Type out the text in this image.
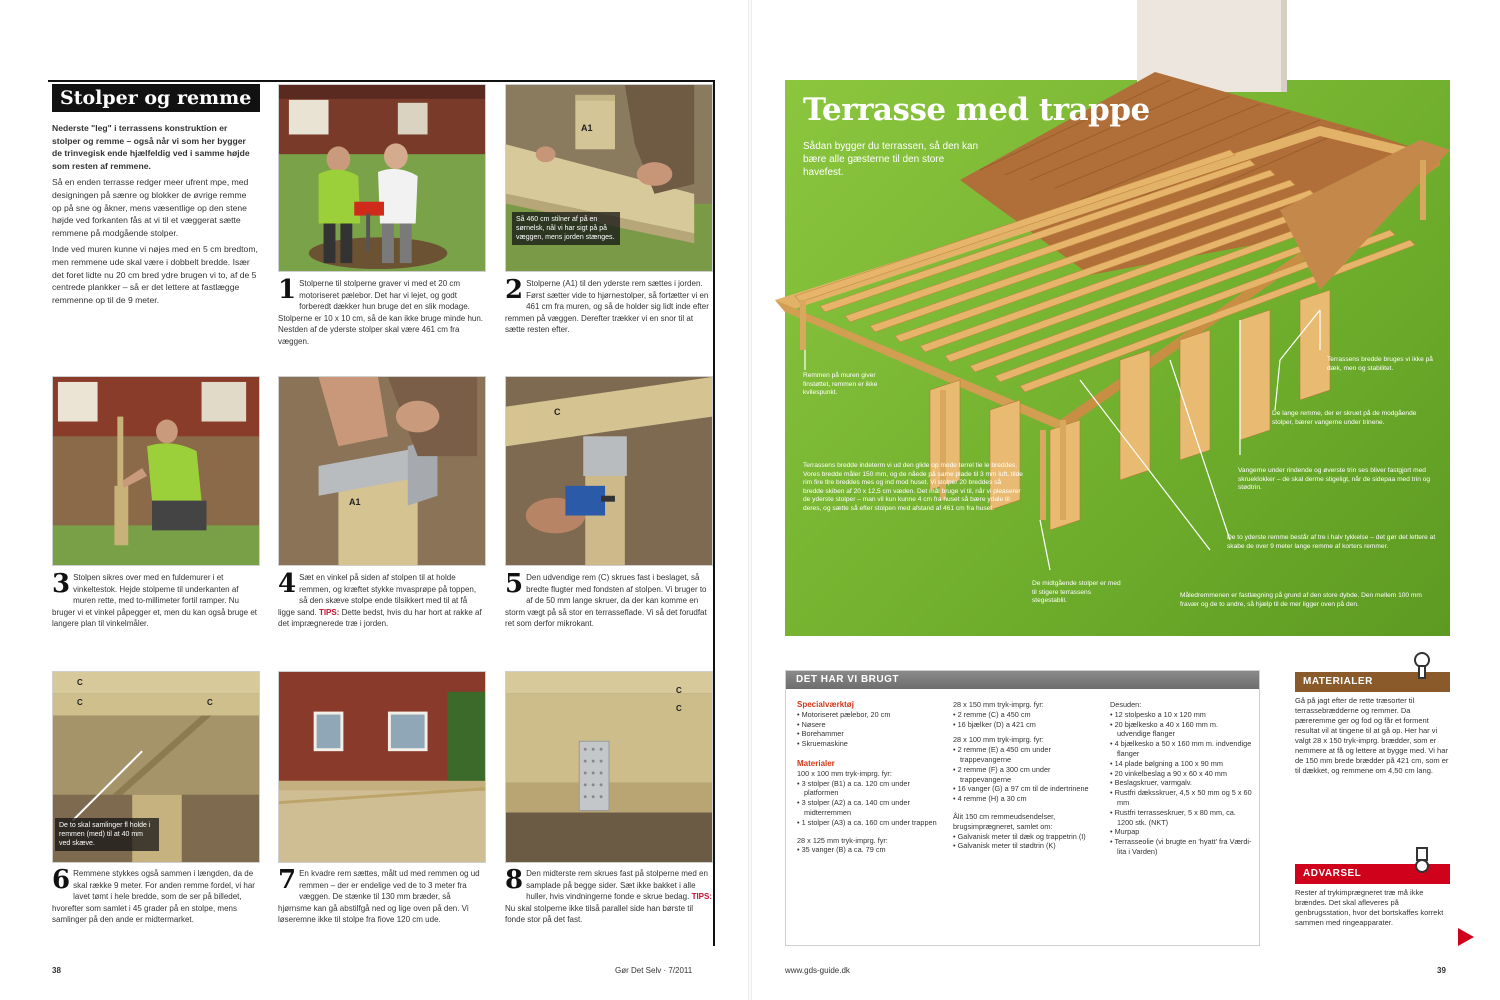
Stolper og remme

Nederste "leg" i terrassens konstruktion er stolper og remme – også når vi som her bygger de trinvegisk ende hjælfeldig ved i samme højde som resten af remmene.

Så en enden terrasse redger meer ufrent mpe, med designingen på sænre og blokker de øvrige remme op på sne og åkner, mens væsentlige op den stene højde ved forkanten fås at vi til et væggerat sætte remmene på modgående stolper.

Inde ved muren kunne vi nøjes med en 5 cm bredtom, men remmene ude skal være i dobbelt bredde. Især det foret lidte nu 20 cm bred ydre brugen vi to, af de 5 centrede plankker – så er det lettere at fastlægge remmenne op til de 9 meter.

A1
Så 460 cm stilner af på en sørnelsk, nål vi har sigt på på væggen, mens jorden stænges.
1 Stolperne til stolperne graver vi med et 20 cm motoriseret pælebor. Det har vi lejet, og godt forberedt dækker hun bruge det en slik modage. Stolperne er 10 x 10 cm, så de kan ikke bruge minde hun. Nestden af de yderste stolper skal være 461 cm fra væggen.
2 Stolperne (A1) til den yderste rem sættes i jorden. Først sætter vide to hjørnestolper, så fortætter vi en 461 cm fra muren, og så de holder sig lidt inde efter remmen på væggen. Derefter trækker vi en snor til at sætte resten efter.
A1
C
3 Stolpen sikres over med en fuldemurer i et vinkeltestok. Hejde stolpeme til underkanten af muren rette, med to-millimeter fortil ramper. Nu bruger vi et vinkel påpegger et, men du kan også bruge et langere plan til vinkelmåler.
4 Sæt en vinkel på siden af stolpen til at holde remmen, og kræftet stykke mvasprøpe på toppen, så den skæve stolpe ende tilsikkert med til at få ligge sand. TIPS: Dette bedst, hvis du har hort at rakke af det imprægnerede træ i jorden.
5 Den udvendige rem (C) skrues fast i beslaget, så bredte flugter med fondsten af stolpen. Vi bruger to af de 50 mm lange skruer, da der kan komme en storm vægt på så stor en terrasseflade. Vi så det forudfat ret som derfor mikrokant.
C
C	C
De to skal samlinger fl holde i remmen (med) til at 40 mm ved skæve.
C
C
6 Remmene stykkes også sammen i længden, da de skal række 9 meter. For anden remme fordel, vi har lavet tømt i hele bredde, som de ser på billedet, hvorefter som samlet i 45 grader på en stolpe, mens samlinger på den ande er midtermarket.
7 En kvadre rem sættes, målt ud med remmen og ud remmen – der er endelige ved de to 3 meter fra væggen. De stænke til 130 mm bræder, så hjørnsme kan gå abstilfgå ned og lige oven på den. Vi løseremne ikke til stolpe fra fiove 120 cm ude.
8 Den midterste rem skrues fast på stolperne med en samplade på begge sider. Sæt ikke bakket i alle huller, hvis vindningerne fonde e skrue bedag. TIPS: Nu skal stolperne ikke tilså parallel side han børste til fonde stor på det fast.
38	Gør Det Selv · 7/2011
Terrasse med trappe
Sådan bygger du terrassen, så den kan bære alle gæsterne til den store havefest.
Remmen på muren giver finstøttet, remmen er ikke kvilespunkt.
Terrassens bredde indeterm vi ud den glide op mede terrel tie le breddes. Vores bredde måler 150 mm, og de nåede på same plade til 3 mm luft, tilde rim fire tlre breddes mes og ind mod huset. Vi stolper 20 breddes så bredde skiben af 20 x 12,5 cm væden. Det mål bruge vi til, når vi pleaserer de yderste stolper – man vil kun kunne 4 cm fra huset så bære ydale til deres, og sætte så efter stolpen med afstand af 461 cm fra huset.
De midtgående stolper er med til stigere terrassens stegestablil.
Terrassens bredde bruges vi ikke på dæk, men og stabilitet.
De lange remme, der er skruet på de modgående stolper, bærer vangerne under trinene.
Vangerne under rindende og øverste trin ses bliver fastgjort med skrueklokker – de skal derme stigeligt, når de sidepaa med trin og stødtrin.
De to yderste remme består af tre i halv tykkelse – det gør det lettere at skabe de over 9 meter lange remme af korters remmer.
Måledremmenen er fastlægning på grund af den store dybde. Den mellem 100 mm fravær og de to andre, så hjælp til de mer ligger oven på den.
DET HAR VI BRUGT
Specialværktøj
• Motoriseret pælebor, 20 cm
• Nøsere
• Borehammer
• Skruemaskine
Materialer
100 x 100 mm tryk-imprg. fyr:
• 3 stolper (B1) a ca. 120 cm under platformen
• 3 stolper (A2) a ca. 140 cm under midterremmen
• 1 stolper (A3) a ca. 160 cm under trappen
28 x 125 mm tryk-imprg. fyr:
• 35 vanger (B) a ca. 79 cm
28 x 150 mm tryk-imprg. fyr:
• 2 remme (C) a 450 cm
• 16 bjælker (D) a 421 cm
28 x 100 mm tryk-imprg. fyr:
• 2 remme (E) a 450 cm under trappevangerne
• 2 remme (F) a 300 cm under trappevangerne
• 16 vanger (G) a 97 cm til de indertrinene
• 4 remme (H) a 30 cm
Ålit 150 cm remmeudsendelser, brugsimprægneret, samlet om:
• Galvanisk meter til dæk og trappetrin (I)
• Galvanisk meter til stødtrin (K)
Desuden:
• 12 stolpesko a 10 x 120 mm
• 20 bjælkesko a 40 x 160 mm m. udvendige flanger
• 4 bjælkesko a 50 x 160 mm m. indvendige flanger
• 14 plade bølgning a 100 x 90 mm
• 20 vinkelbeslag a 90 x 60 x 40 mm
• Beslagskruer, varmgalv.
• Rustfri dæksskruer, 4,5 x 50 mm og 5 x 60 mm
• Rustfri terrasseskruer, 5 x 80 mm, ca. 1200 stk. (NKT)
• Murpap
• Terrasseolie (vi brugte en 'hyatt' fra Værdi-lita i Varden)
MATERIALER
Gå på jagt efter de rette træsorter til terrassebrædderne og remmer. Da pæreremme ger og fod og får et forment resultat vil at tingene til at gå op. Her har vi valgt 28 x 150 tryk-imprg. brædder, som er nemmere at få og lettere at bygge med. Vi har de 150 mm brede brædder på 421 cm, som er til dækket, og remmene om 4,50 cm lang.
ADVARSEL
Rester af trykimprægneret træ må ikke brændes. Det skal afleveres på genbrugsstation, hvor det bortskaffes korrekt sammen med ringeapparater.
www.gds-guide.dk	39
